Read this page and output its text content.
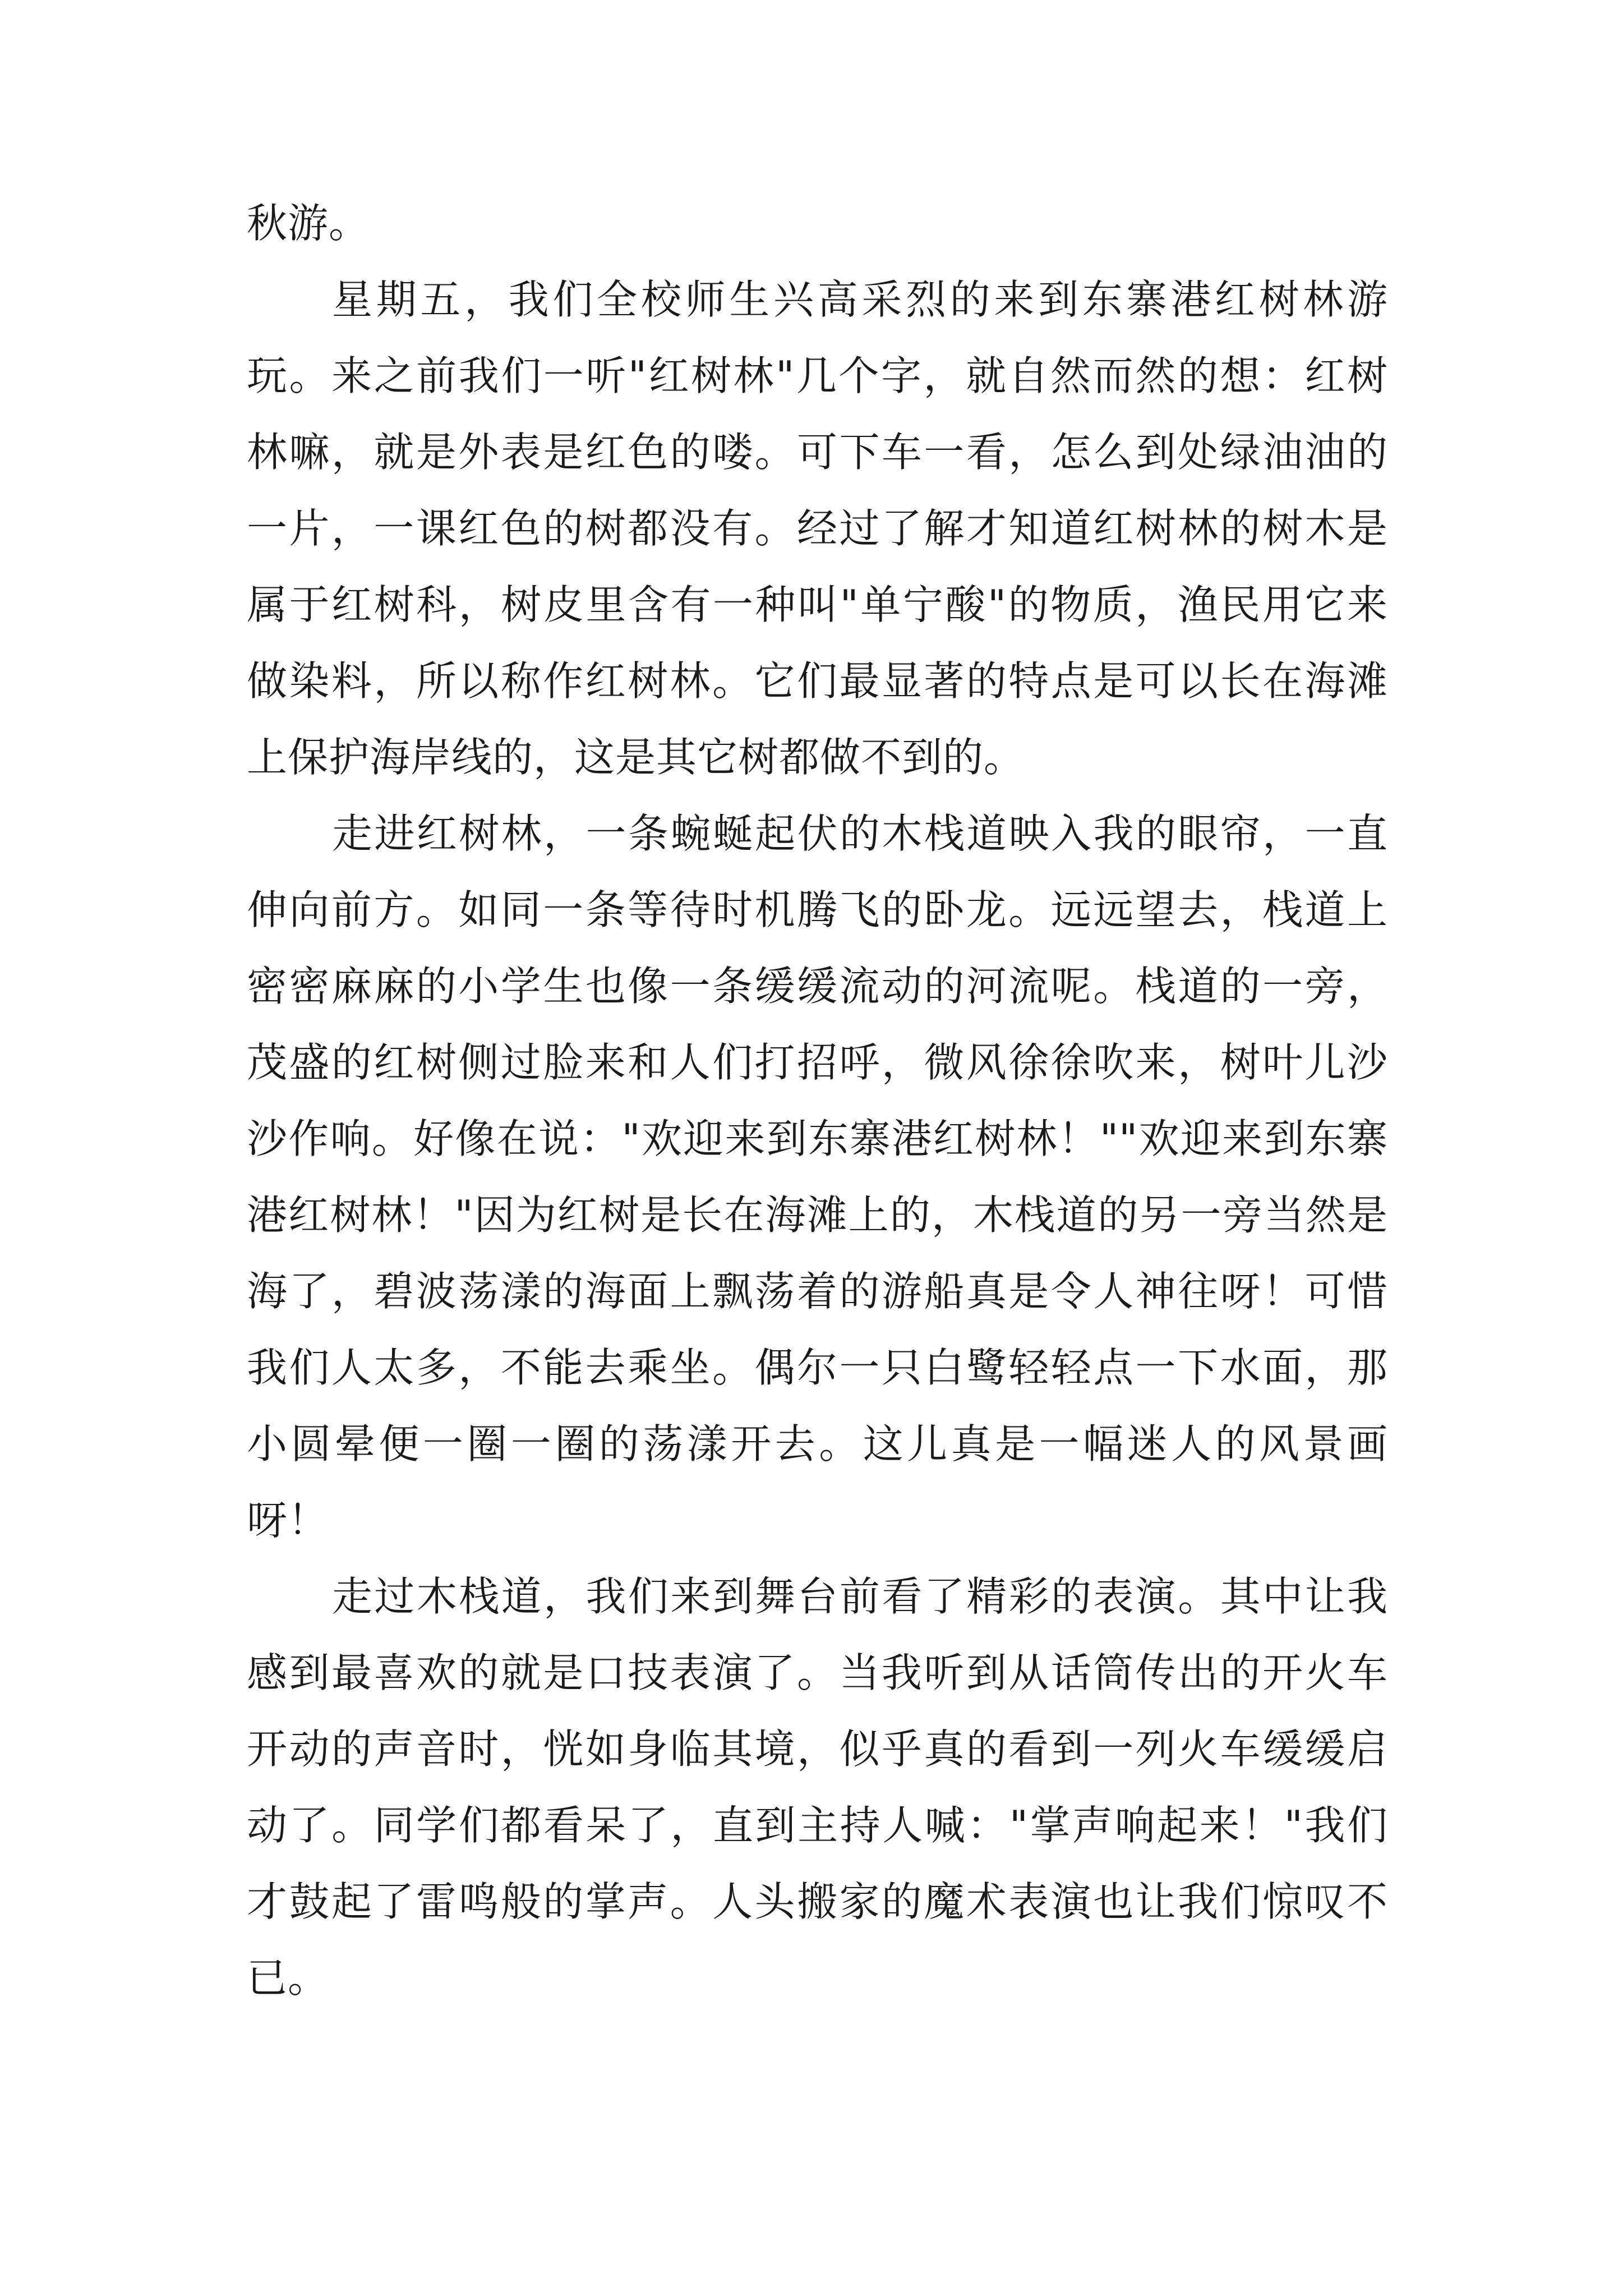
秋游。

星期五，我们全校师生兴高采烈的来到东寨港红树林游玩。来之前我们一听"红树林"几个字，就自然而然的想：红树林嘛，就是外表是红色的喽。可下车一看，怎么到处绿油油的一片，一课红色的树都没有。经过了解才知道红树林的树木是属于红树科，树皮里含有一种叫"单宁酸"的物质，渔民用它来做染料，所以称作红树林。它们最显著的特点是可以长在海滩上保护海岸线的，这是其它树都做不到的。

走进红树林，一条蜿蜒起伏的木栈道映入我的眼帘，一直伸向前方。如同一条等待时机腾飞的卧龙。远远望去，栈道上密密麻麻的小学生也像一条缓缓流动的河流呢。栈道的一旁，茂盛的红树侧过脸来和人们打招呼，微风徐徐吹来，树叶儿沙沙作响。好像在说："欢迎来到东寨港红树林！""欢迎来到东寨港红树林！"因为红树是长在海滩上的，木栈道的另一旁当然是海了，碧波荡漾的海面上飘荡着的游船真是令人神往呀！可惜我们人太多，不能去乘坐。偶尔一只白鹭轻轻点一下水面，那小圆晕便一圈一圈的荡漾开去。这儿真是一幅迷人的风景画呀！

走过木栈道，我们来到舞台前看了精彩的表演。其中让我感到最喜欢的就是口技表演了。当我听到从话筒传出的开火车开动的声音时，恍如身临其境，似乎真的看到一列火车缓缓启动了。同学们都看呆了，直到主持人喊："掌声响起来！"我们才鼓起了雷鸣般的掌声。人头搬家的魔术表演也让我们惊叹不已。
